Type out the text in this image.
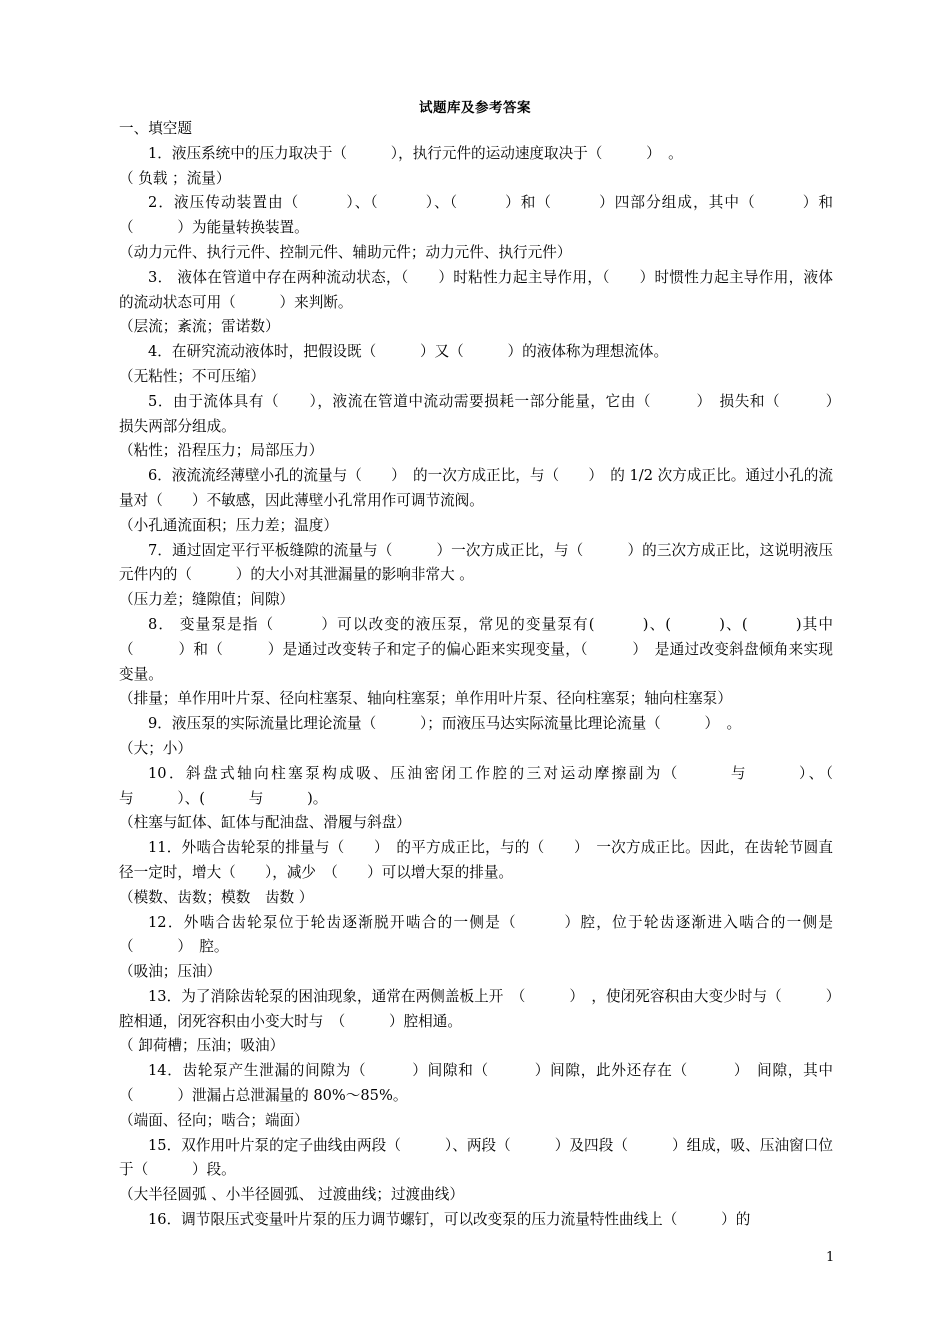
试题库及参考答案
一、填空题

1．液压系统中的压力取决于（　　　），执行元件的运动速度取决于（　　　）　。

（ 负载 ；流量）

2．液压传动装置由（　　　）、（　　　）、（　　　）和（　　　）四部分组成，其中（　　　）和（　　　）为能量转换装置。

（动力元件、执行元件、控制元件、辅助元件；动力元件、执行元件）

3． 液体在管道中存在两种流动状态，（　　）时粘性力起主导作用，（　　）时惯性力起主导作用，液体的流动状态可用（　　　）来判断。

（层流；紊流；雷诺数）

4．在研究流动液体时，把假设既（　　　）又（　　　）的液体称为理想流体。

（无粘性；不可压缩）

5．由于流体具有（　　），液流在管道中流动需要损耗一部分能量，它由（　　　）　损失和（　　　）　损失两部分组成。

（粘性；沿程压力；局部压力）

6．液流流经薄壁小孔的流量与（　　）　的一次方成正比，与（　　）　的 1/2 次方成正比。通过小孔的流量对（　　）不敏感，因此薄壁小孔常用作可调节流阀。

（小孔通流面积；压力差；温度）

7．通过固定平行平板缝隙的流量与（　　　）一次方成正比，与（　　　）的三次方成正比，这说明液压元件内的（　　　）的大小对其泄漏量的影响非常大 。

（压力差；缝隙值；间隙）

8． 变量泵是指（　　　）可以改变的液压泵，常见的变量泵有(　　　)、(　　　)、(　　　)其中　（　　　）和（　　　）是通过改变转子和定子的偏心距来实现变量，（　　　）　是通过改变斜盘倾角来实现变量。

（排量；单作用叶片泵、径向柱塞泵、轴向柱塞泵；单作用叶片泵、径向柱塞泵；轴向柱塞泵）

9．液压泵的实际流量比理论流量（　　　）；而液压马达实际流量比理论流量（　　　）　。

（大；小）

10．斜盘式轴向柱塞泵构成吸、压油密闭工作腔的三对运动摩擦副为（　　　与　　　）、（　　　与　　　）、(　　　与　　　)。

（柱塞与缸体、缸体与配油盘、滑履与斜盘）

11．外啮合齿轮泵的排量与（　　）　的平方成正比，与的（　　）　一次方成正比。因此，在齿轮节圆直径一定时，增大（　　），减少　（　　）可以增大泵的排量。

（模数、齿数；模数　齿数 ）

12．外啮合齿轮泵位于轮齿逐渐脱开啮合的一侧是（　　　）腔，位于轮齿逐渐进入啮合的一侧是（　　　）　腔。

（吸油；压油）

13．为了消除齿轮泵的困油现象，通常在两侧盖板上开　（　　　）　，使闭死容积由大变少时与（　　　）　腔相通，闭死容积由小变大时与　（　　　）腔相通。

（ 卸荷槽；压油；吸油）

14．齿轮泵产生泄漏的间隙为（　　　）间隙和（　　　）间隙，此外还存在（　　　）　间隙，其中（　　　）泄漏占总泄漏量的 80%～85%。

（端面、径向；啮合；端面）

15．双作用叶片泵的定子曲线由两段（　　　）、两段（　　　）及四段（　　　）组成，吸、压油窗口位于（　　　）段。

（大半径圆弧 、小半径圆弧、 过渡曲线；过渡曲线）

16．调节限压式变量叶片泵的压力调节螺钉，可以改变泵的压力流量特性曲线上（　　　）的

1
